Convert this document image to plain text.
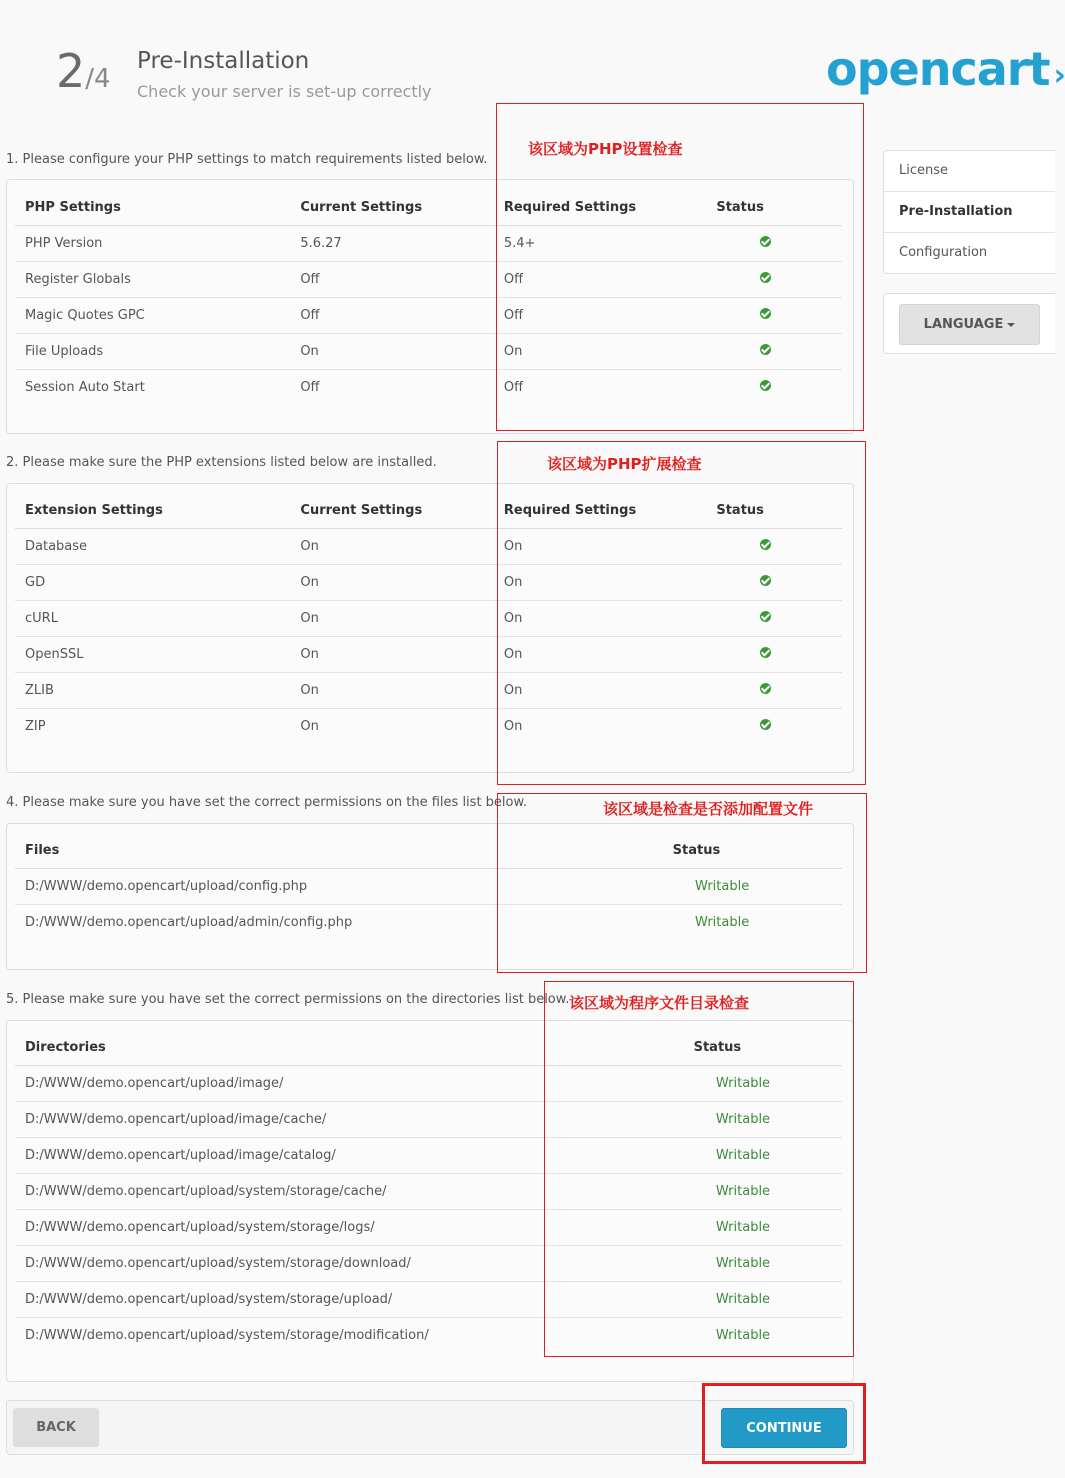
2/4
Pre-Installation
Check your server is set-up correctly	opencart ›
1. Please configure your PHP settings to match requirements listed below.
PHP Settings	Current Settings	Required Settings	Status	
PHP Version	5.6.27	5.4+		
Register Globals	Off	Off		
Magic Quotes GPC	Off	Off		
File Uploads	On	On		
Session Auto Start	Off	Off		
该区域为PHP设置检查
2. Please make sure the PHP extensions listed below are installed.
Extension Settings	Current Settings	Required Settings	Status	
Database	On	On		
GD	On	On		
cURL	On	On		
OpenSSL	On	On		
ZLIB	On	On		
ZIP	On	On		
该区域为PHP扩展检查
4. Please make sure you have set the correct permissions on the files list below.
Files	Status	
D:/WWW/demo.opencart/upload/config.php	Writable	
D:/WWW/demo.opencart/upload/admin/config.php	Writable	
该区域是检查是否添加配置文件
5. Please make sure you have set the correct permissions on the directories list below.
Directories	Status	
D:/WWW/demo.opencart/upload/image/	Writable	
D:/WWW/demo.opencart/upload/image/cache/	Writable	
D:/WWW/demo.opencart/upload/image/catalog/	Writable	
D:/WWW/demo.opencart/upload/system/storage/cache/	Writable	
D:/WWW/demo.opencart/upload/system/storage/logs/	Writable	
D:/WWW/demo.opencart/upload/system/storage/download/	Writable	
D:/WWW/demo.opencart/upload/system/storage/upload/	Writable	
D:/WWW/demo.opencart/upload/system/storage/modification/	Writable	
该区域为程序文件目录检查
License
Pre-Installation
Configuration
LANGUAGE
BACK	CONTINUE
